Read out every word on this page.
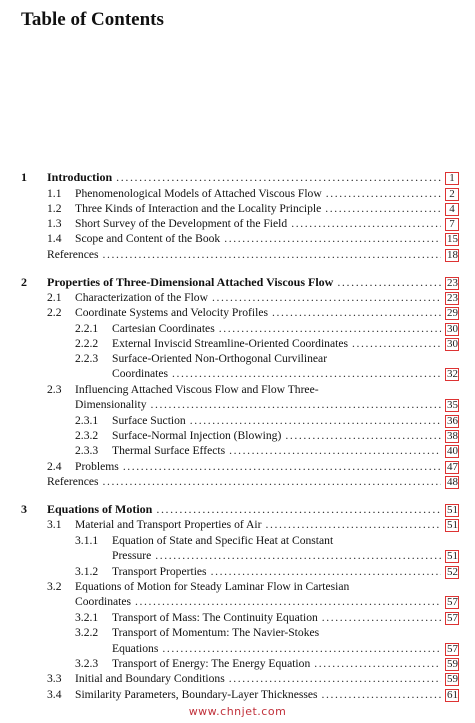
Table of Contents
1 Introduction .....	1
1.1 Phenomenological Models of Attached Viscous Flow .....	2
1.2 Three Kinds of Interaction and the Locality Principle .....	4
1.3 Short Survey of the Development of the Field .....	7
1.4 Scope and Content of the Book .....	15
References .....	18
2 Properties of Three-Dimensional Attached Viscous Flow .....	23
2.1 Characterization of the Flow .....	23
2.2 Coordinate Systems and Velocity Profiles .....	29
2.2.1 Cartesian Coordinates .....	30
2.2.2 External Inviscid Streamline-Oriented Coordinates .....	30
2.2.3 Surface-Oriented Non-Orthogonal Curvilinear
Coordinates .....	32
2.3 Influencing Attached Viscous Flow and Flow Three-
Dimensionality .....	35
2.3.1 Surface Suction .....	36
2.3.2 Surface-Normal Injection (Blowing) .....	38
2.3.3 Thermal Surface Effects .....	40
2.4 Problems .....	47
References .....	48
3 Equations of Motion .....	51
3.1 Material and Transport Properties of Air .....	51
3.1.1 Equation of State and Specific Heat at Constant
Pressure .....	51
3.1.2 Transport Properties .....	52
3.2 Equations of Motion for Steady Laminar Flow in Cartesian
Coordinates .....	57
3.2.1 Transport of Mass: The Continuity Equation .....	57
3.2.2 Transport of Momentum: The Navier-Stokes
Equations .....	57
3.2.3 Transport of Energy: The Energy Equation .....	59
3.3 Initial and Boundary Conditions .....	59
3.4 Similarity Parameters, Boundary-Layer Thicknesses .....	61
www.chnjet.com
